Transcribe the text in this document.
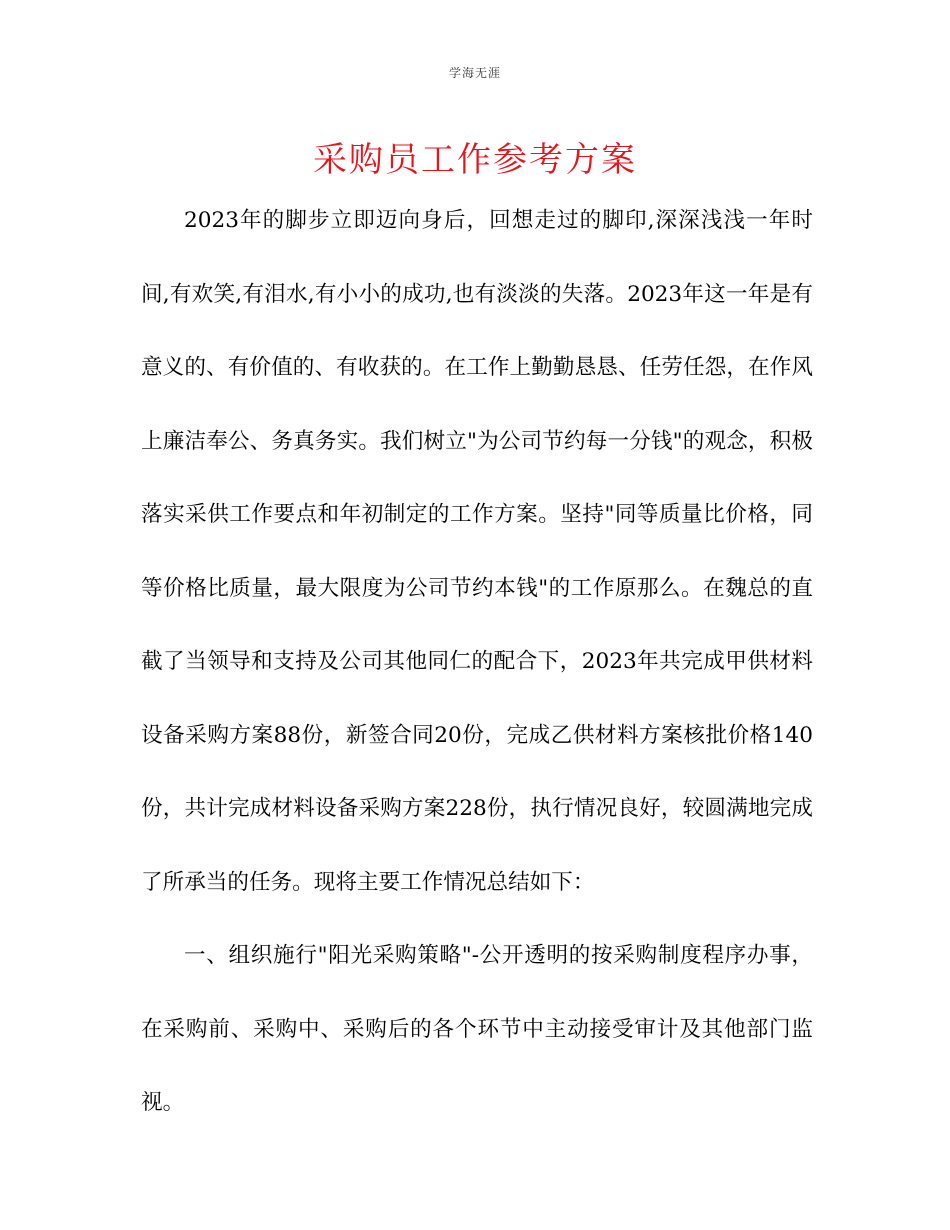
学海无涯
采购员工作参考方案

2023年的脚步立即迈向身后，回想走过的脚印,深深浅浅一年时间,有欢笑,有泪水,有小小的成功,也有淡淡的失落。2023年这一年是有意义的、有价值的、有收获的。在工作上勤勤恳恳、任劳任怨，在作风上廉洁奉公、务真务实。我们树立"为公司节约每一分钱"的观念，积极落实采供工作要点和年初制定的工作方案。坚持"同等质量比价格，同等价格比质量，最大限度为公司节约本钱"的工作原那么。在魏总的直截了当领导和支持及公司其他同仁的配合下，2023年共完成甲供材料设备采购方案88份，新签合同20份，完成乙供材料方案核批价格140份，共计完成材料设备采购方案228份，执行情况良好，较圆满地完成了所承当的任务。现将主要工作情况总结如下：

一、组织施行"阳光采购策略"-公开透明的按采购制度程序办事，在采购前、采购中、采购后的各个环节中主动接受审计及其他部门监视。
